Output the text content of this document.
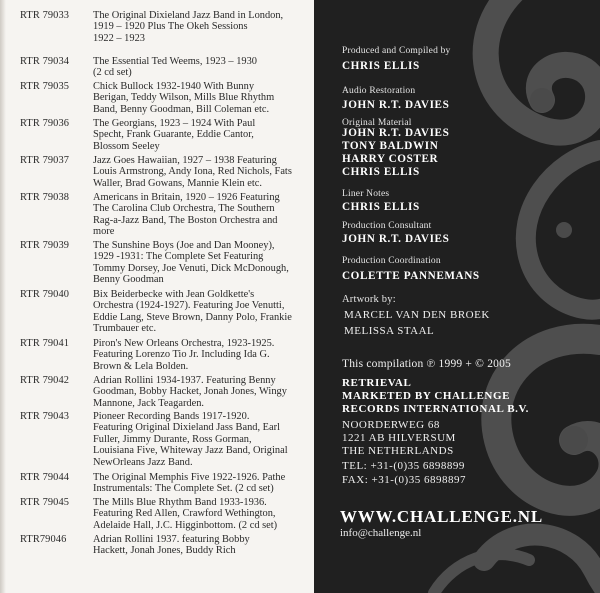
RTR 79033 The Original Dixieland Jazz Band in London,
1919 – 1920 Plus The Okeh Sessions
1922 – 1923
RTR 79034 The Essential Ted Weems, 1923 – 1930
(2 cd set)
RTR 79035 Chick Bullock 1932-1940 With Bunny
Berigan, Teddy Wilson, Mills Blue Rhythm
Band, Benny Goodman, Bill Coleman etc.
RTR 79036 The Georgians, 1923 – 1924 With Paul
Specht, Frank Guarante, Eddie Cantor,
Blossom Seeley
RTR 79037 Jazz Goes Hawaiian, 1927 – 1938 Featuring
Louis Armstrong, Andy Iona, Red Nichols, Fats
Waller, Brad Gowans, Mannie Klein etc.
RTR 79038 Americans in Britain, 1920 – 1926 Featuring
The Carolina Club Orchestra, The Southern
Rag-a-Jazz Band, The Boston Orchestra and
more
RTR 79039 The Sunshine Boys (Joe and Dan Mooney),
1929 -1931: The Complete Set Featuring
Tommy Dorsey, Joe Venuti, Dick McDonough,
Benny Goodman
RTR 79040 Bix Beiderbecke with Jean Goldkette's
Orchestra (1924-1927). Featuring Joe Venutti,
Eddie Lang, Steve Brown, Danny Polo, Frankie
Trumbauer etc.
RTR 79041 Piron's New Orleans Orchestra, 1923-1925.
Featuring Lorenzo Tio Jr. Including Ida G.
Brown & Lela Bolden.
RTR 79042 Adrian Rollini 1934-1937. Featuring Benny
Goodman, Bobby Hacket, Jonah Jones, Wingy
Mannone, Jack Teagarden.
RTR 79043 Pioneer Recording Bands 1917-1920.
Featuring Original Dixieland Jass Band, Earl
Fuller, Jimmy Durante, Ross Gorman,
Louisiana Five, Whiteway Jazz Band, Original
NewOrleans Jazz Band.
RTR 79044 The Original Memphis Five 1922-1926. Pathe
Instrumentals: The Complete Set. (2 cd set)
RTR 79045 The Mills Blue Rhythm Band 1933-1936.
Featuring Red Allen, Crawford Wethington,
Adelaide Hall, J.C. Higginbottom. (2 cd set)
RTR79046	Adrian Rollini 1937. featuring Bobby
Hackett, Jonah Jones, Buddy Rich
Produced and Compiled by
CHRIS ELLIS
Audio Restoration
JOHN R.T. DAVIES
Original Material
JOHN R.T. DAVIES
TONY BALDWIN
HARRY COSTER
CHRIS ELLIS
Liner Notes
CHRIS ELLIS
Production Consultant
JOHN R.T. DAVIES
Production Coordination
COLETTE PANNEMANS
Artwork by:
MARCEL VAN DEN BROEK
MELISSA STAAL
This compilation ℗ 1999 + © 2005
RETRIEVAL
MARKETED BY CHALLENGE
RECORDS INTERNATIONAL B.V.
NOORDERWEG 68
1221 AB HILVERSUM
THE NETHERLANDS
TEL: +31-(0)35 6898899
FAX: +31-(0)35 6898897
WWW.CHALLENGE.NL
info@challenge.nl
